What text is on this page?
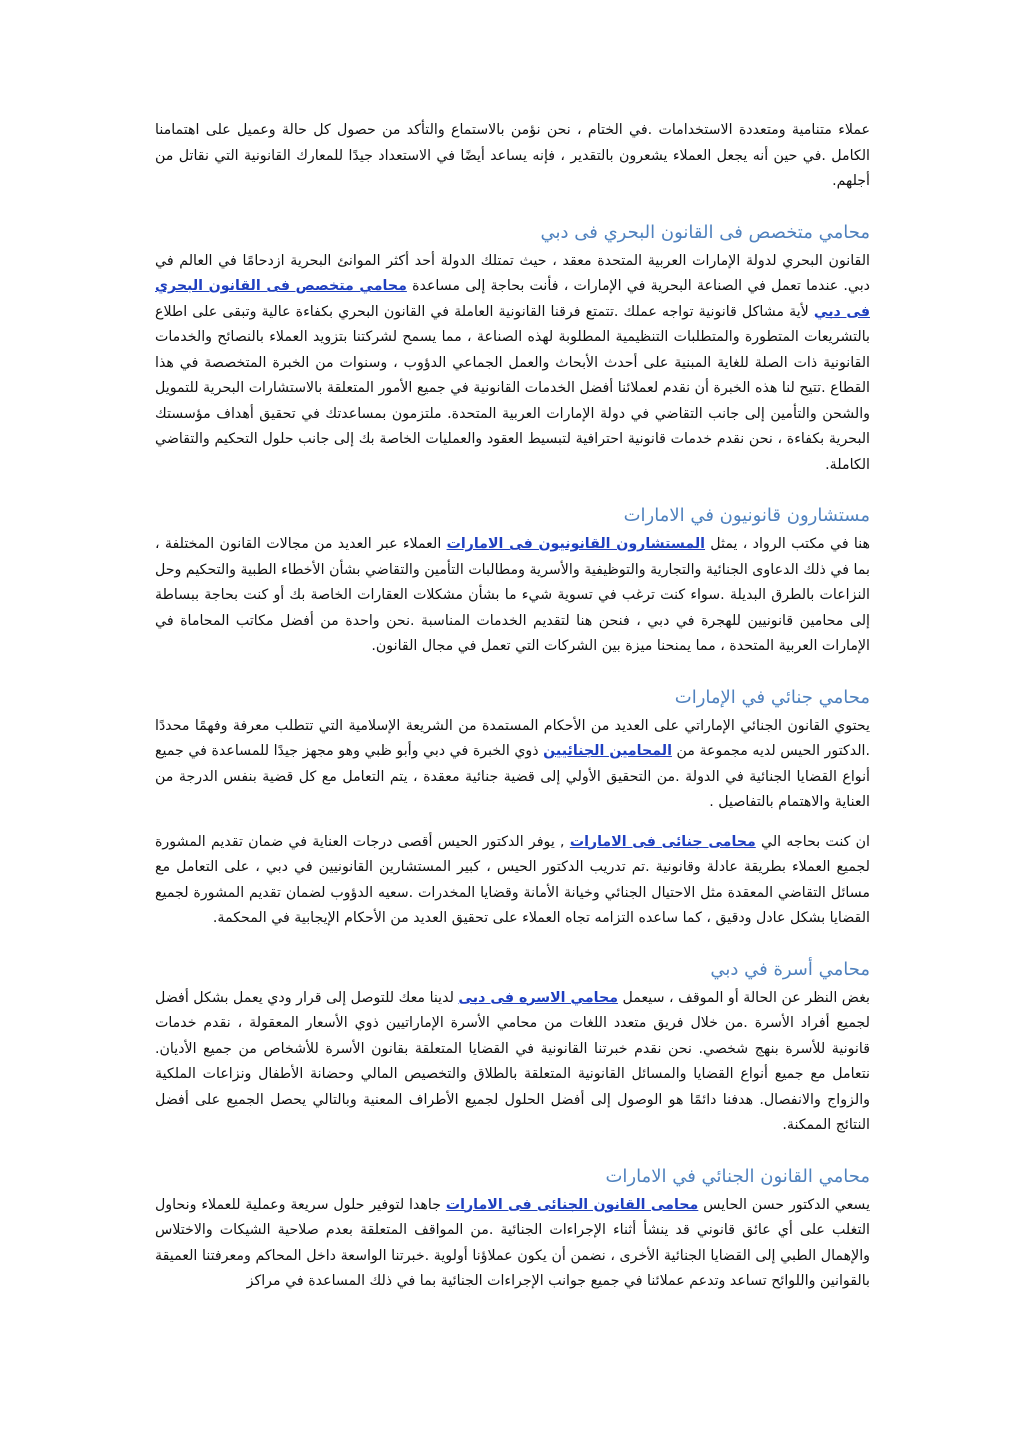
عملاء متنامية ومتعددة الاستخدامات .في الختام ، نحن نؤمن بالاستماع والتأكد من حصول كل حالة وعميل على اهتمامنا الكامل .في حين أنه يجعل العملاء يشعرون بالتقدير ، فإنه يساعد أيضًا في الاستعداد جيدًا للمعارك القانونية التي نقاتل من أجلهم.

محامي متخصص فى القانون البحري فى دبي

القانون البحري لدولة الإمارات العربية المتحدة معقد ، حيث تمتلك الدولة أحد أكثر الموانئ البحرية ازدحامًا في العالم في دبي. عندما تعمل في الصناعة البحرية في الإمارات ، فأنت بحاجة إلى مساعدة محامي متخصص فى القانون البحري فى دبي لأية مشاكل قانونية تواجه عملك .تتمتع فرقنا القانونية العاملة في القانون البحري بكفاءة عالية وتبقى على اطلاع بالتشريعات المتطورة والمتطلبات التنظيمية المطلوبة لهذه الصناعة ، مما يسمح لشركتنا بتزويد العملاء بالنصائح والخدمات القانونية ذات الصلة للغاية المبنية على أحدث الأبحاث والعمل الجماعي الدؤوب ، وسنوات من الخبرة المتخصصة في هذا القطاع .تتيح لنا هذه الخبرة أن نقدم لعملائنا أفضل الخدمات القانونية في جميع الأمور المتعلقة بالاستشارات البحرية للتمويل والشحن والتأمين إلى جانب التقاضي في دولة الإمارات العربية المتحدة. ملتزمون بمساعدتك في تحقيق أهداف مؤسستك البحرية بكفاءة ، نحن نقدم خدمات قانونية احترافية لتبسيط العقود والعمليات الخاصة بك إلى جانب حلول التحكيم والتقاضي الكاملة.

مستشارون قانونيون في الامارات

هنا في مكتب الرواد ، يمثل المستشارون القانونيون فى الامارات العملاء عبر العديد من مجالات القانون المختلفة ، بما في ذلك الدعاوى الجنائية والتجارية والتوظيفية والأسرية ومطالبات التأمين والتقاضي بشأن الأخطاء الطبية والتحكيم وحل النزاعات بالطرق البديلة .سواء كنت ترغب في تسوية شيء ما بشأن مشكلات العقارات الخاصة بك أو كنت بحاجة ببساطة إلى محامين قانونيين للهجرة في دبي ، فنحن هنا لتقديم الخدمات المناسبة .نحن واحدة من أفضل مكاتب المحاماة في الإمارات العربية المتحدة ، مما يمنحنا ميزة بين الشركات التي تعمل في مجال القانون.

محامي جنائي في الإمارات

يحتوي القانون الجنائي الإماراتي على العديد من الأحكام المستمدة من الشريعة الإسلامية التي تتطلب معرفة وفهمًا محددًا .الدكتور الحيس لديه مجموعة من المحامين الجنائيين ذوي الخبرة في دبي وأبو ظبي وهو مجهز جيدًا للمساعدة في جميع أنواع القضايا الجنائية في الدولة .من التحقيق الأولي إلى قضية جنائية معقدة ، يتم التعامل مع كل قضية بنفس الدرجة من العناية والاهتمام بالتفاصيل .

ان كنت بحاجه الي محامى جنائى فى الامارات , يوفر الدكتور الحيس أقصى درجات العناية في ضمان تقديم المشورة لجميع العملاء بطريقة عادلة وقانونية .تم تدريب الدكتور الحيس ، كبير المستشارين القانونيين في دبي ، على التعامل مع مسائل التقاضي المعقدة مثل الاحتيال الجنائي وخيانة الأمانة وقضايا المخدرات .سعيه الدؤوب لضمان تقديم المشورة لجميع القضايا بشكل عادل ودقيق ، كما ساعده التزامه تجاه العملاء على تحقيق العديد من الأحكام الإيجابية في المحكمة.

محامي أسرة في دبي

بغض النظر عن الحالة أو الموقف ، سيعمل محامي الاسره فى دبى لدينا معك للتوصل إلى قرار ودي يعمل بشكل أفضل لجميع أفراد الأسرة .من خلال فريق متعدد اللغات من محامي الأسرة الإماراتيين ذوي الأسعار المعقولة ، نقدم خدمات قانونية للأسرة بنهج شخصي. نحن نقدم خبرتنا القانونية في القضايا المتعلقة بقانون الأسرة للأشخاص من جميع الأديان. نتعامل مع جميع أنواع القضايا والمسائل القانونية المتعلقة بالطلاق والتخصيص المالي وحضانة الأطفال ونزاعات الملكية والزواج والانفصال. هدفنا دائمًا هو الوصول إلى أفضل الحلول لجميع الأطراف المعنية وبالتالي يحصل الجميع على أفضل النتائج الممكنة.

محامي القانون الجنائي في الامارات

يسعي الدكتور حسن الحايس محامى القانون الجنائى فى الامارات جاهدا لتوفير حلول سريعة وعملية للعملاء ونحاول التغلب على أي عائق قانوني قد ينشأ أثناء الإجراءات الجنائية .من المواقف المتعلقة بعدم صلاحية الشيكات والاختلاس والإهمال الطبي إلى القضايا الجنائية الأخرى ، نضمن أن يكون عملاؤنا أولوية .خبرتنا الواسعة داخل المحاكم ومعرفتنا العميقة بالقوانين واللوائح تساعد وتدعم عملائنا في جميع جوانب الإجراءات الجنائية بما في ذلك المساعدة في مراكز
